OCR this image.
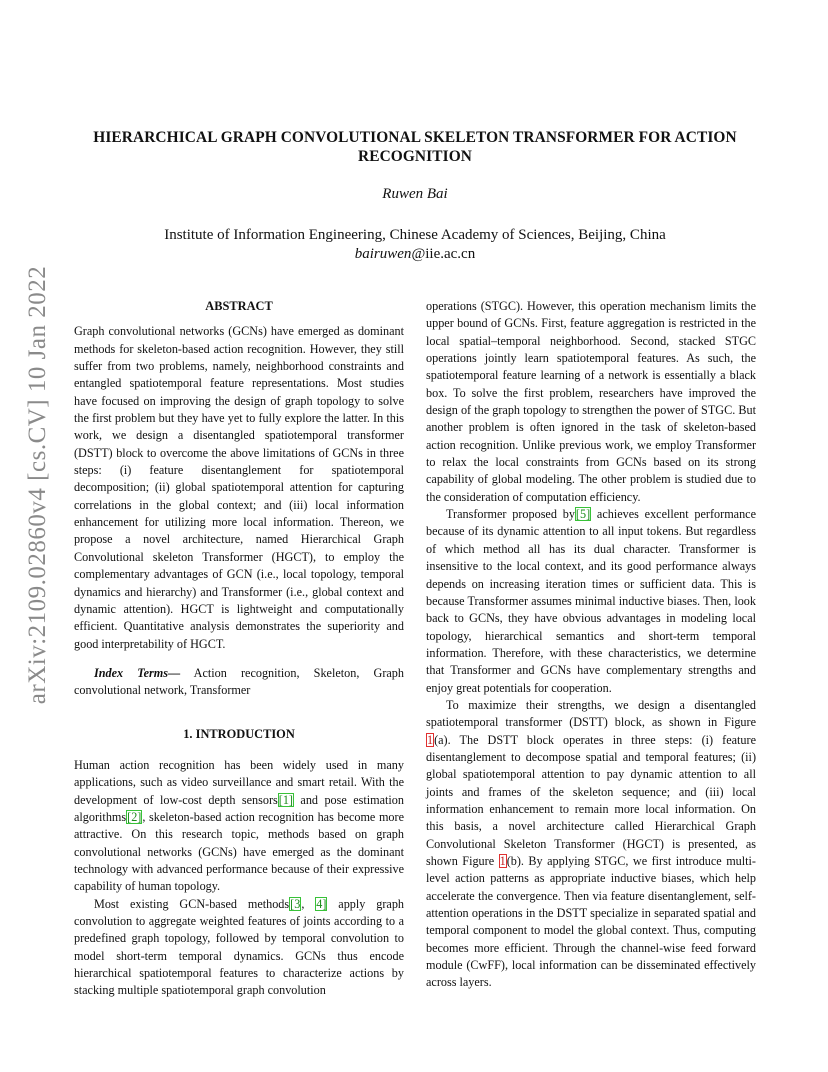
arXiv:2109.02860v4 [cs.CV] 10 Jan 2022
HIERARCHICAL GRAPH CONVOLUTIONAL SKELETON TRANSFORMER FOR ACTION RECOGNITION
Ruwen Bai
Institute of Information Engineering, Chinese Academy of Sciences, Beijing, China
bairuwen@iie.ac.cn

ABSTRACT

Graph convolutional networks (GCNs) have emerged as dominant methods for skeleton-based action recognition. However, they still suffer from two problems, namely, neighborhood constraints and entangled spatiotemporal feature representations. Most studies have focused on improving the design of graph topology to solve the first problem but they have yet to fully explore the latter. In this work, we design a disentangled spatiotemporal transformer (DSTT) block to overcome the above limitations of GCNs in three steps: (i) feature disentanglement for spatiotemporal decomposition; (ii) global spatiotemporal attention for capturing correlations in the global context; and (iii) local information enhancement for utilizing more local information. Thereon, we propose a novel architecture, named Hierarchical Graph Convolutional skeleton Transformer (HGCT), to employ the complementary advantages of GCN (i.e., local topology, temporal dynamics and hierarchy) and Transformer (i.e., global context and dynamic attention). HGCT is lightweight and computationally efficient. Quantitative analysis demonstrates the superiority and good interpretability of HGCT.

Index Terms— Action recognition, Skeleton, Graph convolutional network, Transformer

1. INTRODUCTION

Human action recognition has been widely used in many applications, such as video surveillance and smart retail. With the development of low-cost depth sensors[1] and pose estimation algorithms[2], skeleton-based action recognition has become more attractive. On this research topic, methods based on graph convolutional networks (GCNs) have emerged as the dominant technology with advanced performance because of their expressive capability of human topology.

Most existing GCN-based methods[3, 4] apply graph convolution to aggregate weighted features of joints according to a predefined graph topology, followed by temporal convolution to model short-term temporal dynamics. GCNs thus encode hierarchical spatiotemporal features to characterize actions by stacking multiple spatiotemporal graph convolution

operations (STGC). However, this operation mechanism limits the upper bound of GCNs. First, feature aggregation is restricted in the local spatial–temporal neighborhood. Second, stacked STGC operations jointly learn spatiotemporal features. As such, the spatiotemporal feature learning of a network is essentially a black box. To solve the first problem, researchers have improved the design of the graph topology to strengthen the power of STGC. But another problem is often ignored in the task of skeleton-based action recognition. Unlike previous work, we employ Transformer to relax the local constraints from GCNs based on its strong capability of global modeling. The other problem is studied due to the consideration of computation efficiency.

Transformer proposed by[5] achieves excellent performance because of its dynamic attention to all input tokens. But regardless of which method all has its dual character. Transformer is insensitive to the local context, and its good performance always depends on increasing iteration times or sufficient data. This is because Transformer assumes minimal inductive biases. Then, look back to GCNs, they have obvious advantages in modeling local topology, hierarchical semantics and short-term temporal information. Therefore, with these characteristics, we determine that Transformer and GCNs have complementary strengths and enjoy great potentials for cooperation.

To maximize their strengths, we design a disentangled spatiotemporal transformer (DSTT) block, as shown in Figure 1(a). The DSTT block operates in three steps: (i) feature disentanglement to decompose spatial and temporal features; (ii) global spatiotemporal attention to pay dynamic attention to all joints and frames of the skeleton sequence; and (iii) local information enhancement to remain more local information. On this basis, a novel architecture called Hierarchical Graph Convolutional Skeleton Transformer (HGCT) is presented, as shown Figure 1(b). By applying STGC, we first introduce multi-level action patterns as appropriate inductive biases, which help accelerate the convergence. Then via feature disentanglement, self-attention operations in the DSTT specialize in separated spatial and temporal component to model the global context. Thus, computing becomes more efficient. Through the channel-wise feed forward module (CwFF), local information can be disseminated effectively across layers.
